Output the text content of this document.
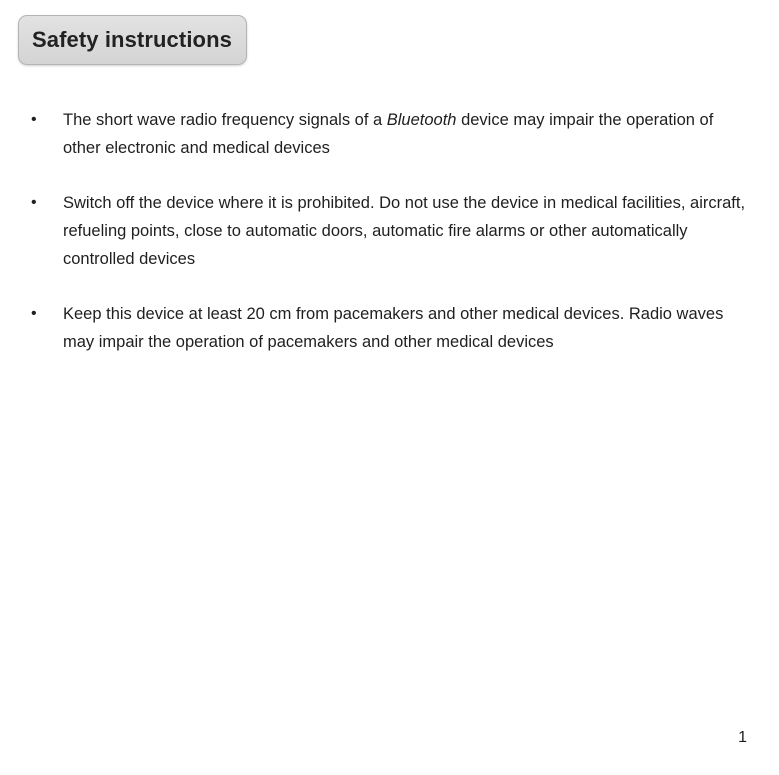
Safety instructions
• The short wave radio frequency signals of a Bluetooth device may impair the operation of other electronic and medical devices
• Switch off the device where it is prohibited. Do not use the device in medical facilities, aircraft, refueling points, close to automatic doors, automatic fire alarms or other automatically controlled devices
• Keep this device at least 20 cm from pacemakers and other medical devices. Radio waves may impair the operation of pacemakers and other medical devices
1
